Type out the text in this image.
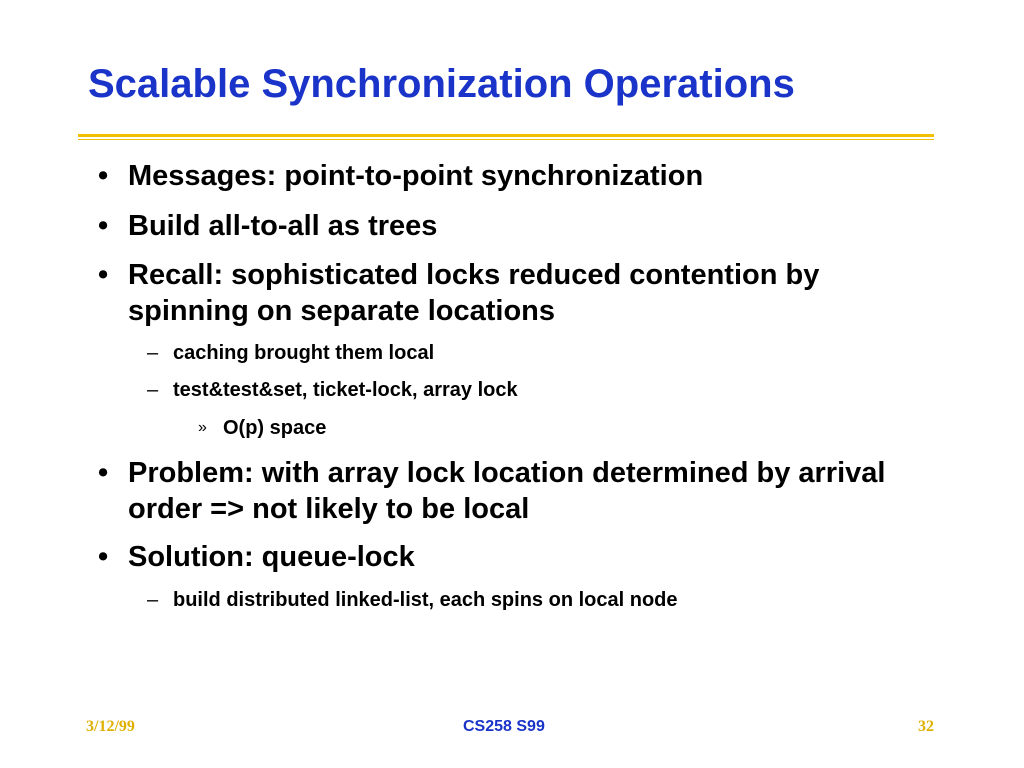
Scalable Synchronization Operations
• Messages: point-to-point synchronization
• Build all-to-all as trees
• Recall: sophisticated locks reduced contention by spinning on separate locations
– caching brought them local
– test&test&set, ticket-lock, array lock
» O(p) space
• Problem: with array lock location determined by arrival order => not likely to be local
• Solution: queue-lock
– build distributed linked-list, each spins on local node
3/12/99	CS258 S99	32
